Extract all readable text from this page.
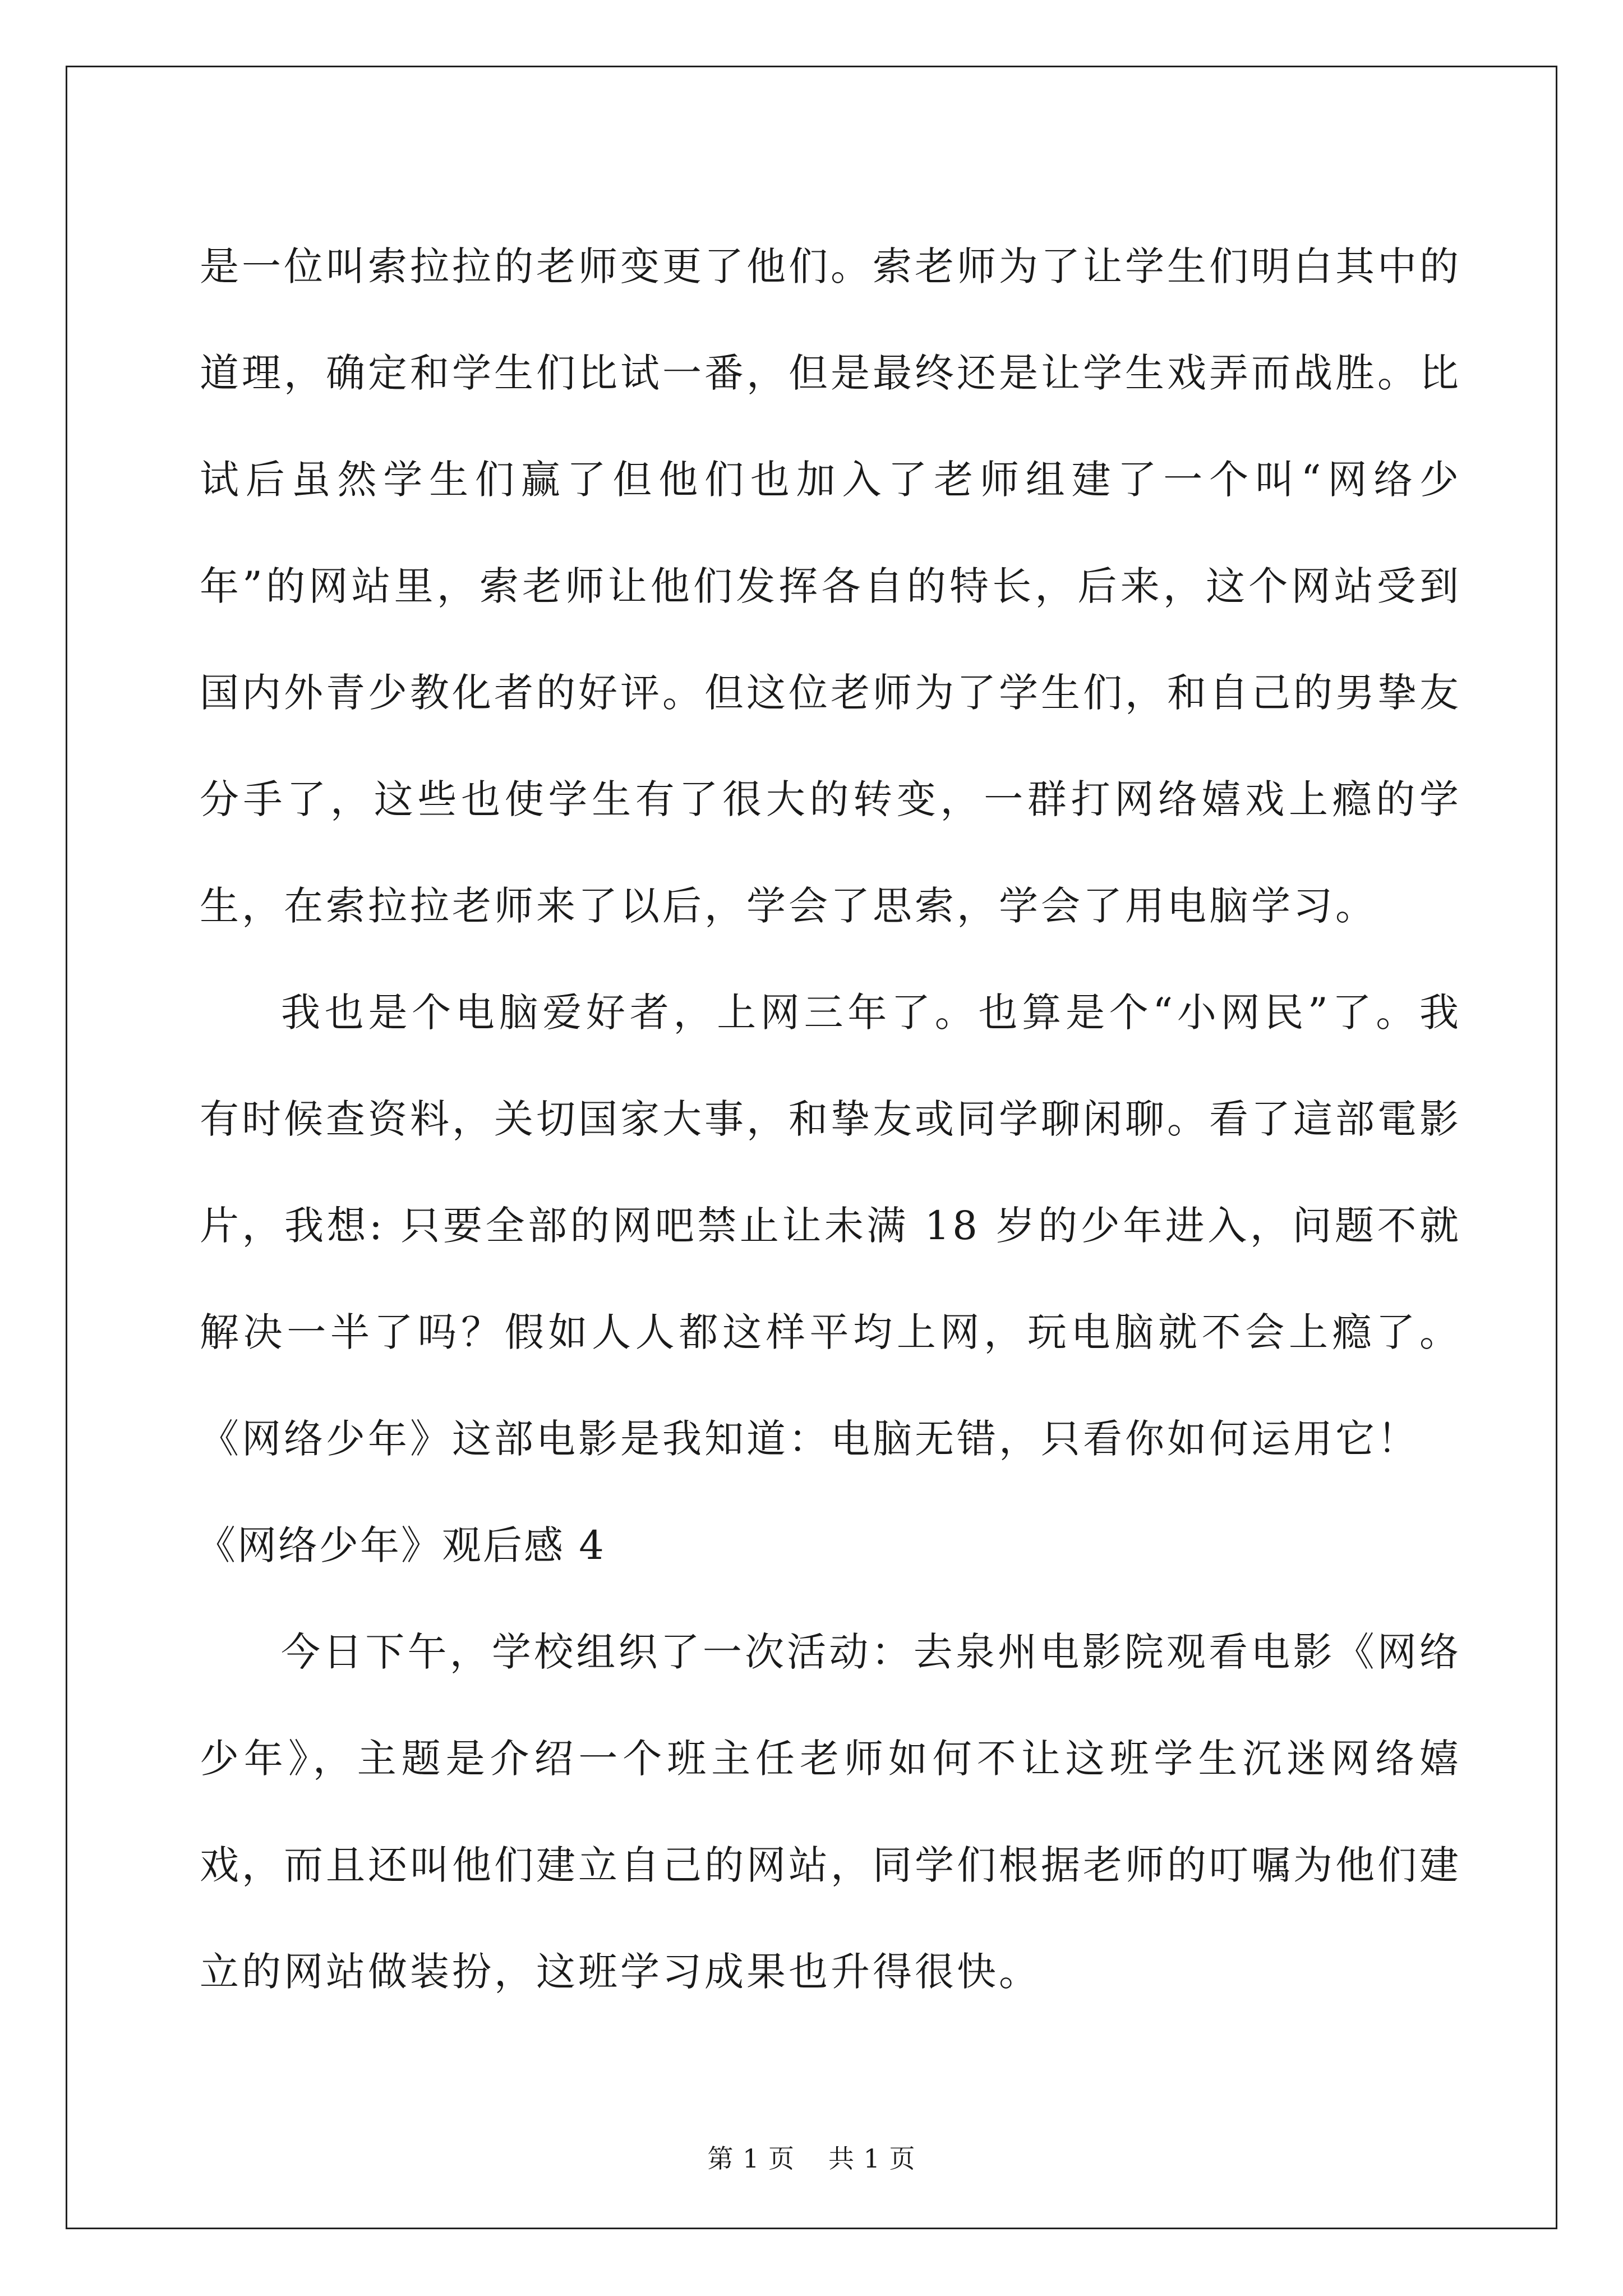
是一位叫索拉拉的老师变更了他们。索老师为了让学生们明白其中的道理，确定和学生们比试一番，但是最终还是让学生戏弄而战胜。比试后虽然学生们赢了但他们也加入了老师组建了一个叫“网络少年”的网站里，索老师让他们发挥各自的特长，后来，这个网站受到国内外青少教化者的好评。但这位老师为了学生们，和自己的男挚友分手了，这些也使学生有了很大的转变，一群打网络嬉戏上瘾的学生，在索拉拉老师来了以后，学会了思索，学会了用电脑学习。

我也是个电脑爱好者，上网三年了。也算是个“小网民”了。我有时候查资料，关切国家大事，和挚友或同学聊闲聊。看了這部電影片，我想: 只要全部的网吧禁止让未满 18 岁的少年进入，问题不就解决一半了吗？假如人人都这样平均上网，玩电脑就不会上瘾了。《网络少年》这部电影是我知道：电脑无错，只看你如何运用它！

《网络少年》观后感 4

今日下午，学校组织了一次活动：去泉州电影院观看电影《网络少年》，主题是介绍一个班主任老师如何不让这班学生沉迷网络嬉戏，而且还叫他们建立自己的网站，同学们根据老师的叮嘱为他们建立的网站做装扮，这班学习成果也升得很快。

第 1 页 共 1 页
